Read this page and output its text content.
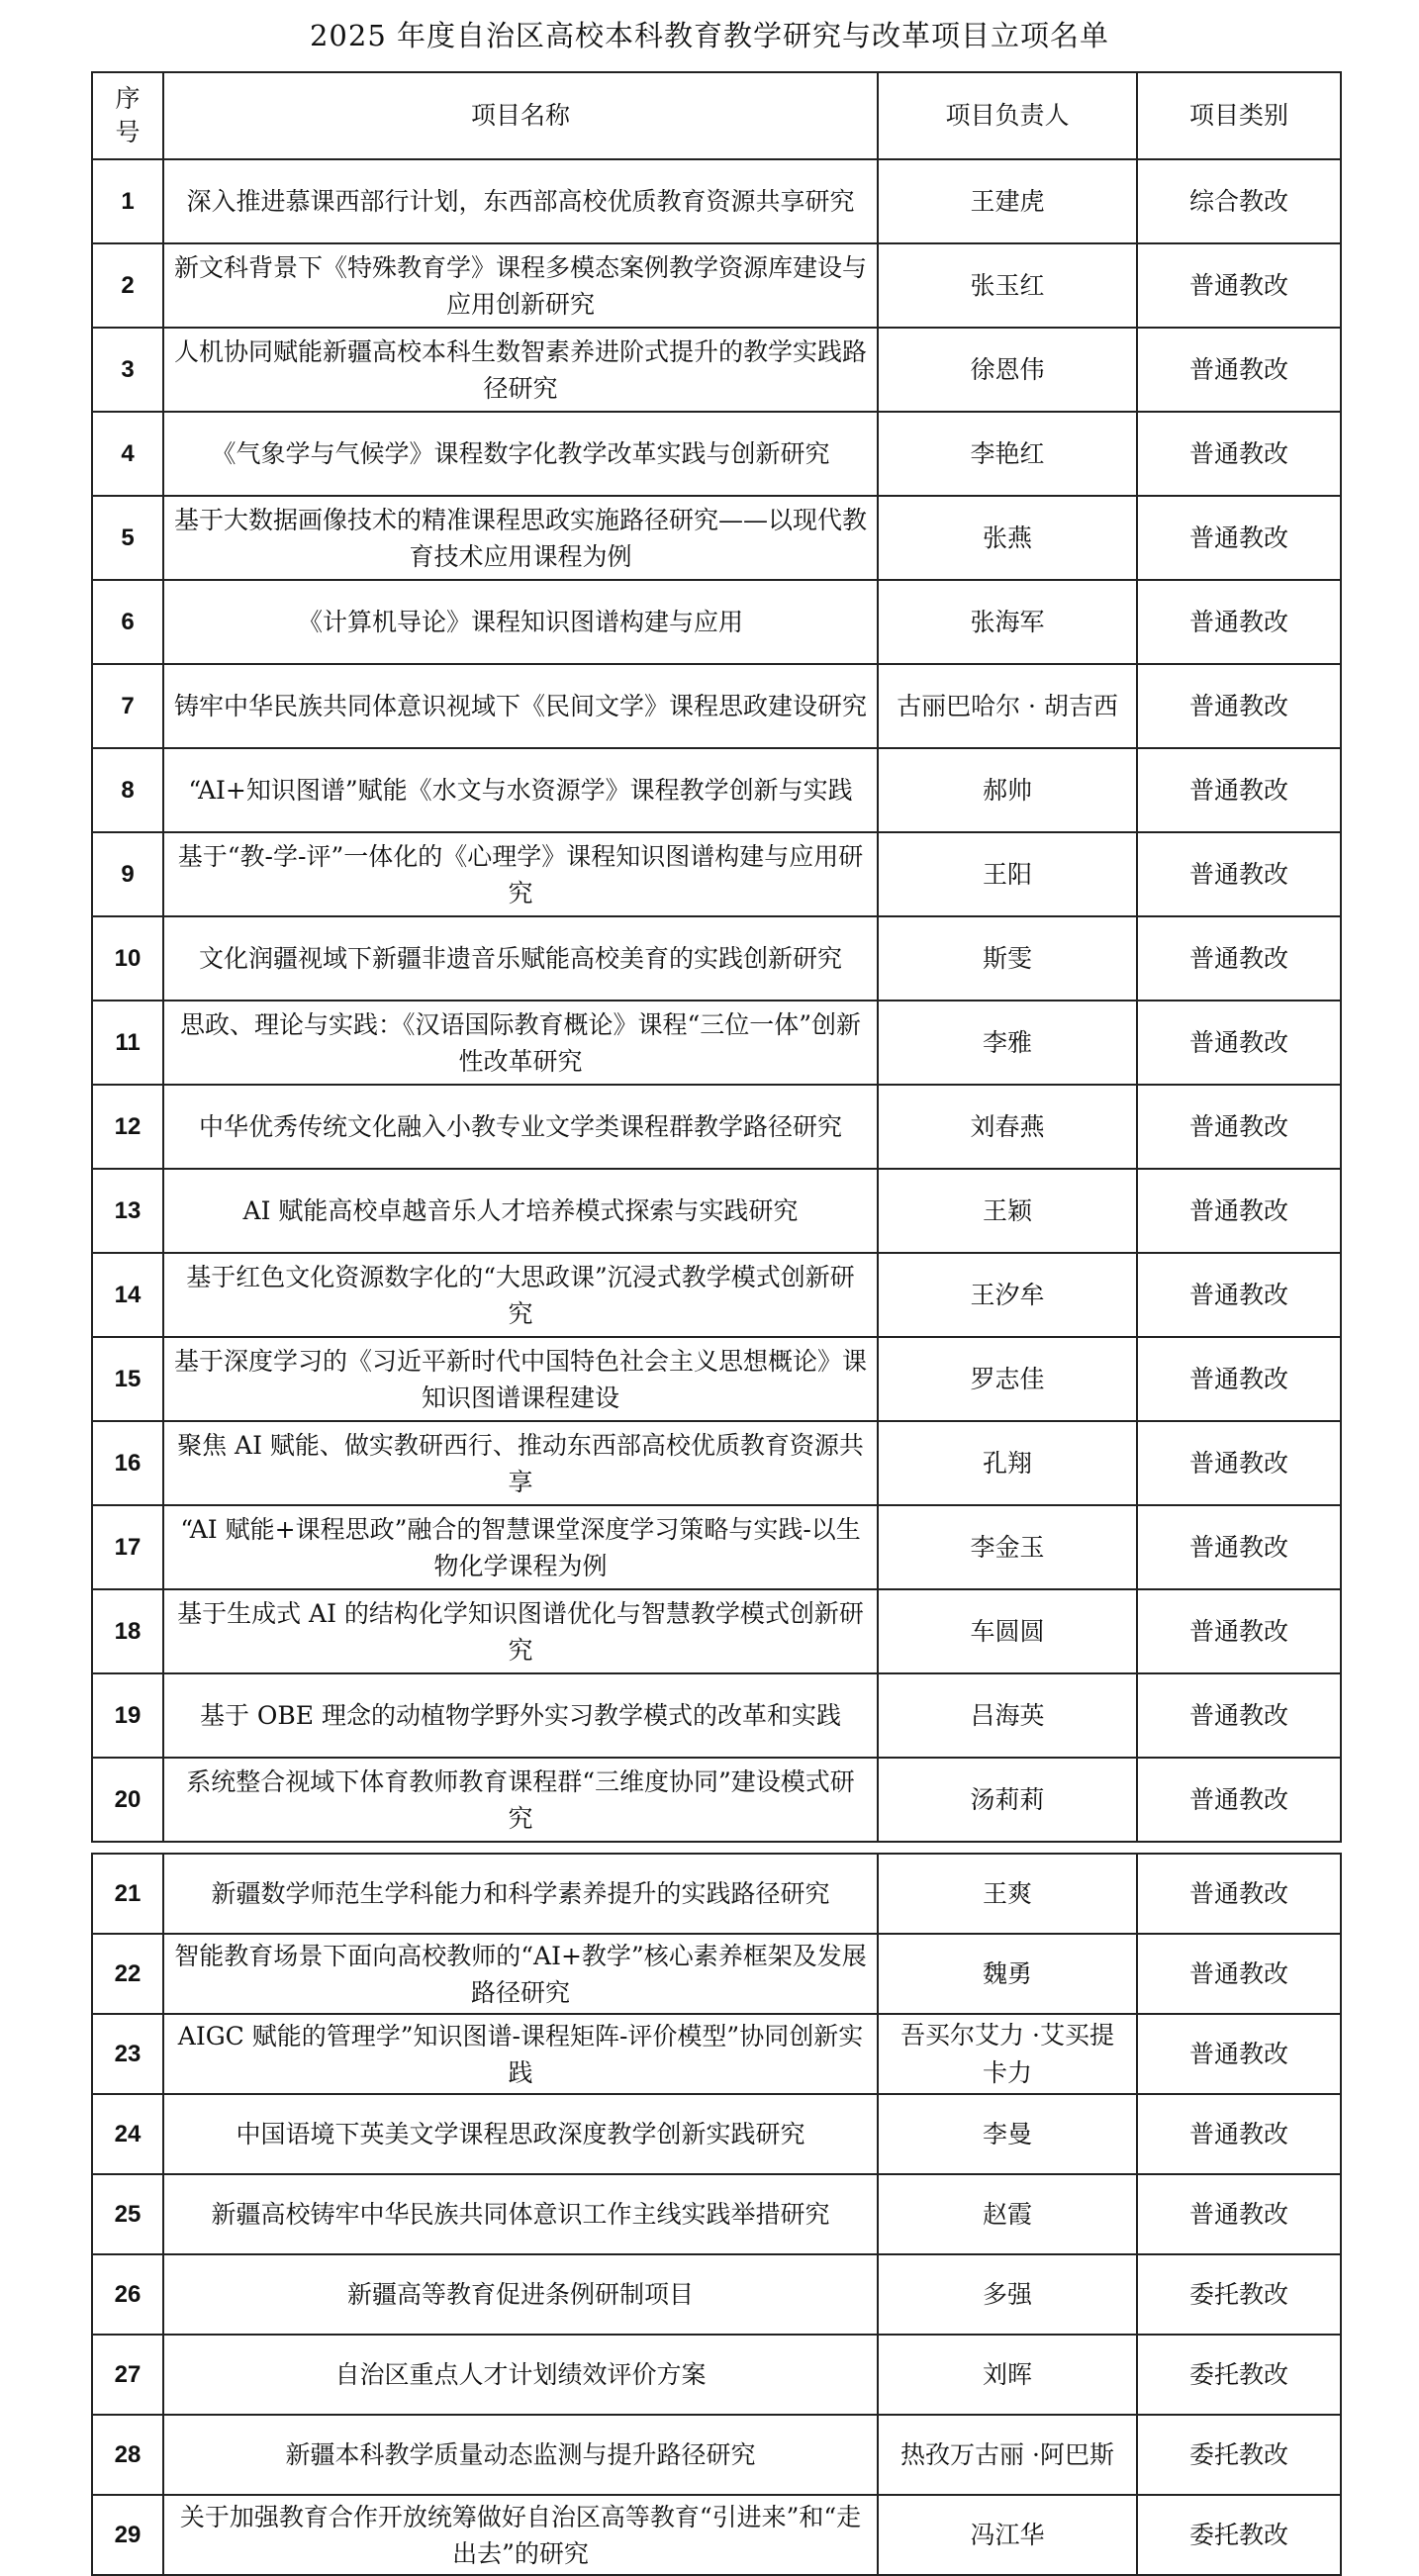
2025 年度自治区高校本科教育教学研究与改革项目立项名单
序号	项目名称	项目负责人	项目类别
1	深入推进慕课西部行计划，东西部高校优质教育资源共享研究	王建虎	综合教改
2	新文科背景下《特殊教育学》课程多模态案例教学资源库建设与应用创新研究	张玉红	普通教改
3	人机协同赋能新疆高校本科生数智素养进阶式提升的教学实践路径研究	徐恩伟	普通教改
4	《气象学与气候学》课程数字化教学改革实践与创新研究	李艳红	普通教改
5	基于大数据画像技术的精准课程思政实施路径研究——以现代教育技术应用课程为例	张燕	普通教改
6	《计算机导论》课程知识图谱构建与应用	张海军	普通教改
7	铸牢中华民族共同体意识视域下《民间文学》课程思政建设研究	古丽巴哈尔 · 胡吉西	普通教改
8	“AI+知识图谱”赋能《水文与水资源学》课程教学创新与实践	郝帅	普通教改
9	基于“教-学-评”一体化的《心理学》课程知识图谱构建与应用研究	王阳	普通教改
10	文化润疆视域下新疆非遗音乐赋能高校美育的实践创新研究	斯雯	普通教改
11	思政、理论与实践：《汉语国际教育概论》课程“三位一体”创新性改革研究	李雅	普通教改
12	中华优秀传统文化融入小教专业文学类课程群教学路径研究	刘春燕	普通教改
13	AI 赋能高校卓越音乐人才培养模式探索与实践研究	王颖	普通教改
14	基于红色文化资源数字化的“大思政课”沉浸式教学模式创新研究	王汐牟	普通教改
15	基于深度学习的《习近平新时代中国特色社会主义思想概论》课知识图谱课程建设	罗志佳	普通教改
16	聚焦 AI 赋能、做实教研西行、推动东西部高校优质教育资源共享	孔翔	普通教改
17	“AI 赋能+课程思政”融合的智慧课堂深度学习策略与实践-以生物化学课程为例	李金玉	普通教改
18	基于生成式 AI 的结构化学知识图谱优化与智慧教学模式创新研究	车圆圆	普通教改
19	基于 OBE 理念的动植物学野外实习教学模式的改革和实践	吕海英	普通教改
20	系统整合视域下体育教师教育课程群“三维度协同”建设模式研究	汤莉莉	普通教改
21	新疆数学师范生学科能力和科学素养提升的实践路径研究	王爽	普通教改
22	智能教育场景下面向高校教师的“AI+教学”核心素养框架及发展路径研究	魏勇	普通教改
23	AIGC 赋能的管理学”知识图谱-课程矩阵-评价模型”协同创新实践	吾买尔艾力 ·艾买提卡力	普通教改
24	中国语境下英美文学课程思政深度教学创新实践研究	李曼	普通教改
25	新疆高校铸牢中华民族共同体意识工作主线实践举措研究	赵霞	普通教改
26	新疆高等教育促进条例研制项目	多强	委托教改
27	自治区重点人才计划绩效评价方案	刘晖	委托教改
28	新疆本科教学质量动态监测与提升路径研究	热孜万古丽 ·阿巴斯	委托教改
29	关于加强教育合作开放统筹做好自治区高等教育“引进来”和“走出去”的研究	冯江华	委托教改
